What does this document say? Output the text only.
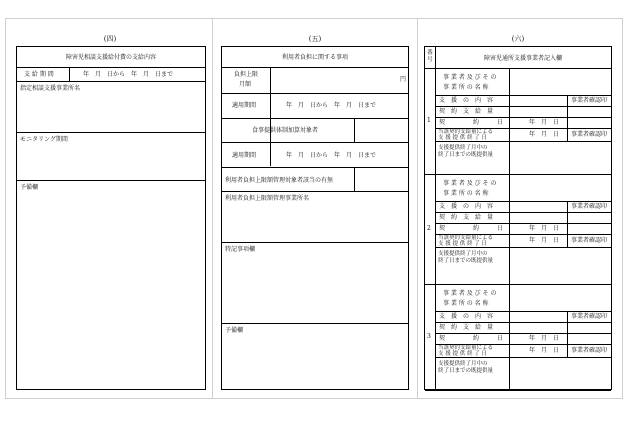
(四)
障害児相談支援給付費の支給内容
支 給 期 間	年　月　日から　年　月　日まで
指定相談支援事業所名
モニタリング期間
予備欄
(五)
利用者負担に関する事項
負担上限
月額
円
適用期間	年　月　日から　年　月　日まで
食事提供体制加算対象者
適用期間	年　月　日から　年　月　日まで
利用者負担上限額管理対象者該当の有無
利用者負担上限額管理事業所名
特記事項欄
予備欄
(六)
番号	障害児通所支援事業者記入欄
1
事 業 者 及 び そ の
事 業 所 の 名 称
支　援　の　内　容	事業者確認印
契　約　支　給　量
契	約	日	年　月　日
当該契約支給量による
支 援 提 供 終 了 日	年　月　日 事業者確認印
支援提供終了月中の
終了日までの既提供量
2
事 業 者 及 び そ の
事 業 所 の 名 称
支　援　の　内　容	事業者確認印
契　約　支　給　量
契	約	日	年　月　日
当該契約支給量による
支 援 提 供 終 了 日	年　月　日 事業者確認印
支援提供終了月中の
終了日までの既提供量
3
事 業 者 及 び そ の
事 業 所 の 名 称
支　援　の　内　容	事業者確認印
契　約　支　給　量
契	約	日	年　月　日
当該契約支給量による
支 援 提 供 終 了 日	年　月　日 事業者確認印
支援提供終了月中の
終了日までの既提供量
